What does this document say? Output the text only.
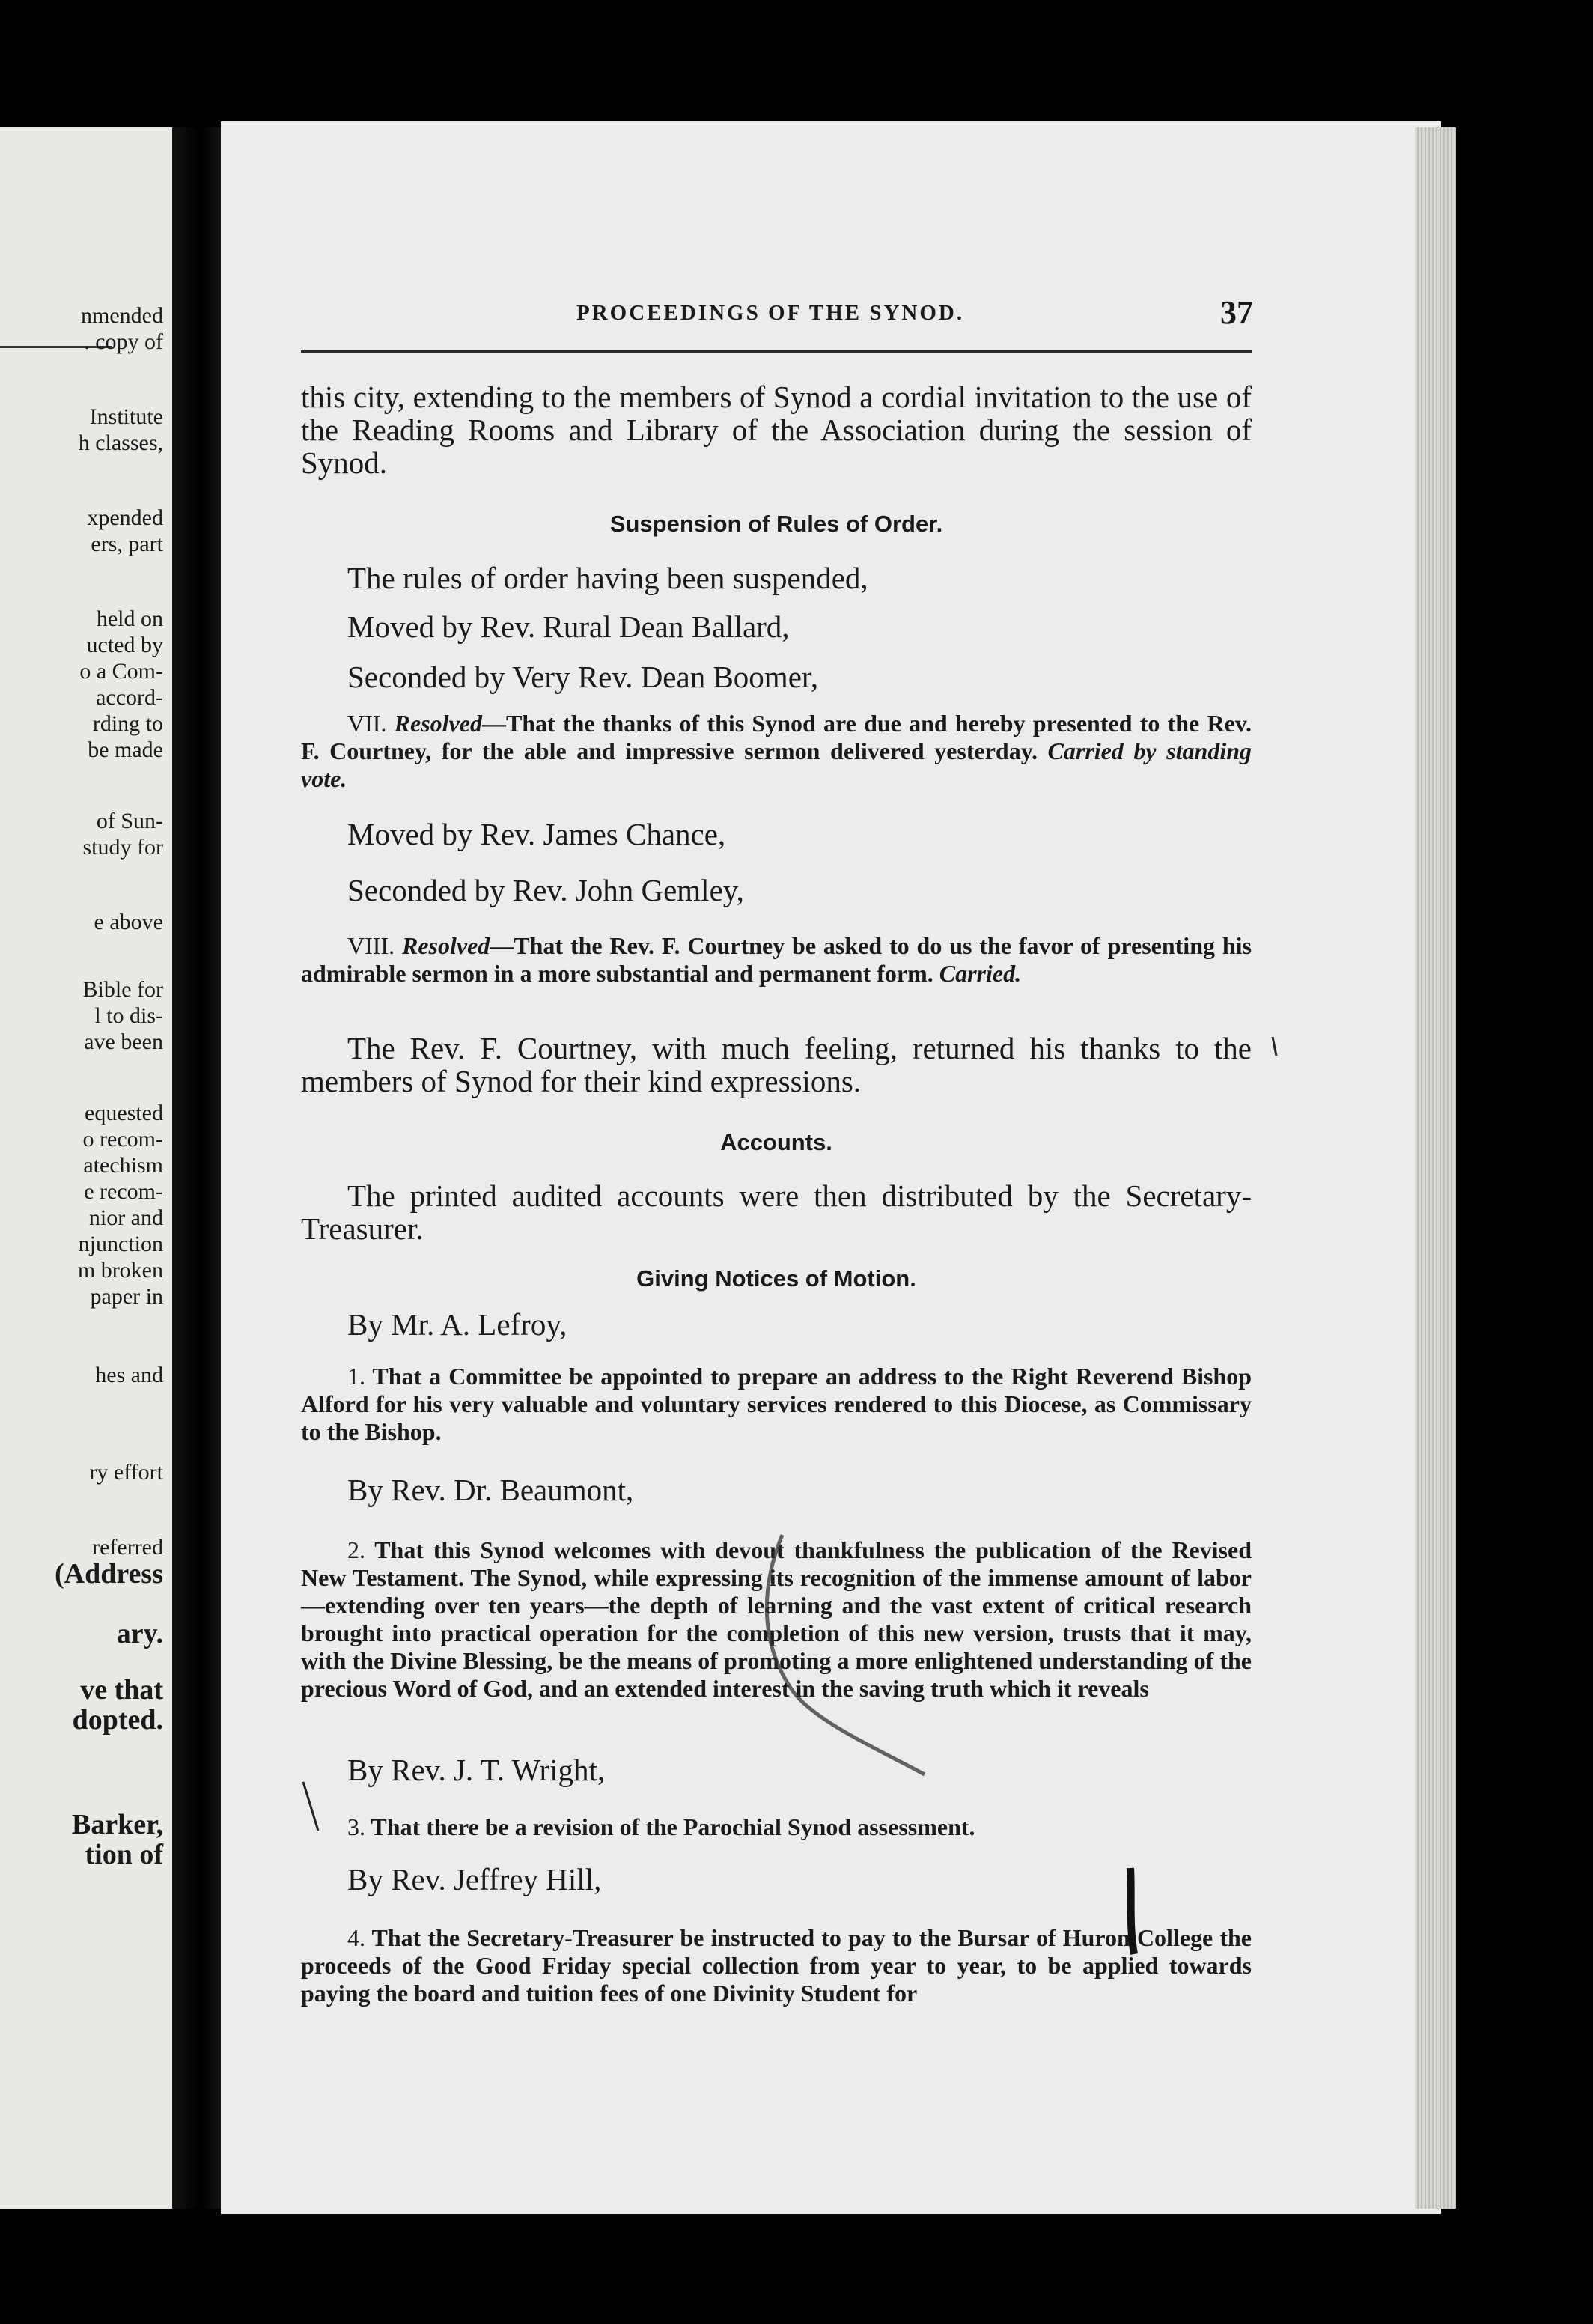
nmended
. copy of
Institute
h classes,
xpended
ers, part
held on
ucted by
o a Com-
accord-
rding to
be made
of Sun-
study for
e above
Bible for
l to dis-
ave been
equested
o recom-
atechism
e recom-
nior and
njunction
m broken
paper in
hes and
ry effort
referred
(Address
ary.
ve that
dopted.
Barker,
tion of
PROCEEDINGS OF THE SYNOD.	37
this city, extending to the members of Synod a cordial invitation to the use of the Reading Rooms and Library of the Association during the session of Synod.
Suspension of Rules of Order.
The rules of order having been suspended,
Moved by Rev. Rural Dean Ballard,
Seconded by Very Rev. Dean Boomer,
VII. Resolved—That the thanks of this Synod are due and hereby presented to the Rev. F. Courtney, for the able and impressive sermon delivered yesterday. Carried by standing vote.
Moved by Rev. James Chance,
Seconded by Rev. John Gemley,
VIII. Resolved—That the Rev. F. Courtney be asked to do us the favor of presenting his admirable sermon in a more substantial and permanent form. Carried.
The Rev. F. Courtney, with much feeling, returned his thanks to the members of Synod for their kind expressions.
Accounts.
The printed audited accounts were then distributed by the Secretary-Treasurer.
Giving Notices of Motion.
By Mr. A. Lefroy,
1. That a Committee be appointed to prepare an address to the Right Reverend Bishop Alford for his very valuable and voluntary services rendered to this Diocese, as Commissary to the Bishop.
By Rev. Dr. Beaumont,
2. That this Synod welcomes with devout thankfulness the publication of the Revised New Testament. The Synod, while expressing its recognition of the immense amount of labor—extending over ten years—the depth of learning and the vast extent of critical research brought into practical operation for the completion of this new version, trusts that it may, with the Divine Blessing, be the means of promoting a more enlightened understanding of the precious Word of God, and an extended interest in the saving truth which it reveals
By Rev. J. T. Wright,
3. That there be a revision of the Parochial Synod assessment.
By Rev. Jeffrey Hill,
4. That the Secretary-Treasurer be instructed to pay to the Bursar of Huron College the proceeds of the Good Friday special collection from year to year, to be applied towards paying the board and tuition fees of one Divinity Student for
